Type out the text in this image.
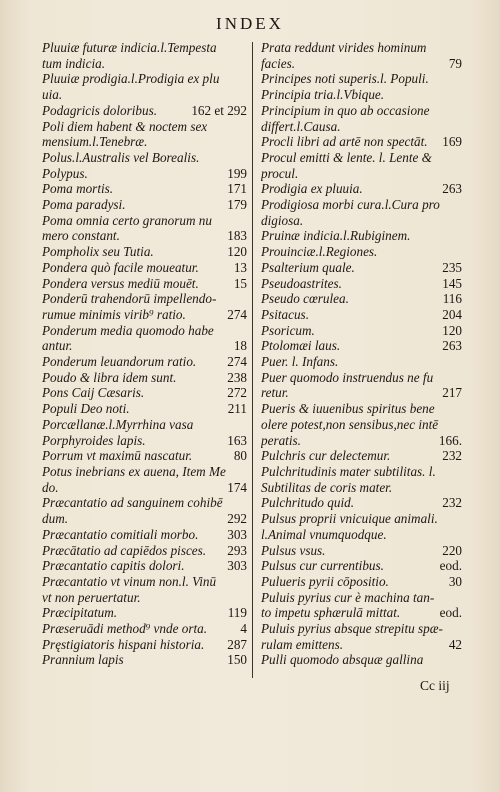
INDEX
Pluuiæ futuræ indicia.l.Tempesta
tum indicia.
Pluuiæ prodigia.l.Prodigia ex plu
uia.
Podagricis doloribus.	162 et 292
Poli diem habent & noctem sex
mensium.l.Tenebræ.
Polus.l.Australis vel Borealis.
Polypus.	199
Poma mortis.	171
Poma paradysi.	179
Poma omnia certo granorum nu
mero constant.	183
Pompholix seu Tutia.	120
Pondera quò facile moueatur.	13
Pondera versus mediū mouēt.	15
Ponderū trahendorū impellendo-
rumue minimis virib⁹ ratio.	274
Ponderum media quomodo habe
antur.	18
Ponderum leuandorum ratio.	274
Poudo & libra idem sunt.	238
Pons Caij Cæsaris.	272
Populi Deo noti.	211
Porcællanæ.l.Myrrhina vasa
Porphyroides lapis.	163
Porrum vt maximū nascatur.	80
Potus inebrians ex auena, Item Me
do.	174
Præcantatio ad sanguinem cohibē
dum.	292
Præcantatio comitiali morbo.	303
Præcātatio ad capiēdos pisces.	293
Præcantatio capitis dolori.	303
Præcantatio vt vinum non.l. Vinū
vt non peruertatur.
Præcipitatum.	119
Præseruādi method⁹ vnde orta.	4
Pręstigiatoris hispani historia.	287
Prannium lapis	150
Prata reddunt virides hominum
facies.	79
Principes noti superis.l. Populi.
Principia tria.l.Vbique.
Principium in quo ab occasione
differt.l.Causa.
Procli libri ad artē non spectāt.	169
Procul emitti & lente. l. Lente &
procul.
Prodigia ex pluuia.	263
Prodigiosa morbi cura.l.Cura pro
digiosa.
Pruinæ indicia.l.Rubiginem.
Prouinciæ.l.Regiones.
Psalterium quale.	235
Pseudoastrites.	145
Pseudo cœrulea.	116
Psitacus.	204
Psoricum.	120
Ptolomæi laus.	263
Puer. l. Infans.
Puer quomodo instruendus ne fu
retur.	217
Pueris & iuuenibus spiritus bene
olere potest,non sensibus,nec intē
peratis.	166.
Pulchris cur delectemur.	232
Pulchritudinis mater subtilitas. l.
Subtilitas de coris mater.
Pulchritudo quid.	232
Pulsus proprii vnicuique animali.
l.Animal vnumquodque.
Pulsus vsus.	220
Pulsus cur currentibus.	eod.
Pulueris pyrii cōpositio.	30
Puluis pyrius cur è machina tan-
to impetu sphærulā mittat.	eod.
Puluis pyrius absque strepitu spæ-
rulam emittens.	42
Pulli quomodo absquæ gallina
Cc iij
